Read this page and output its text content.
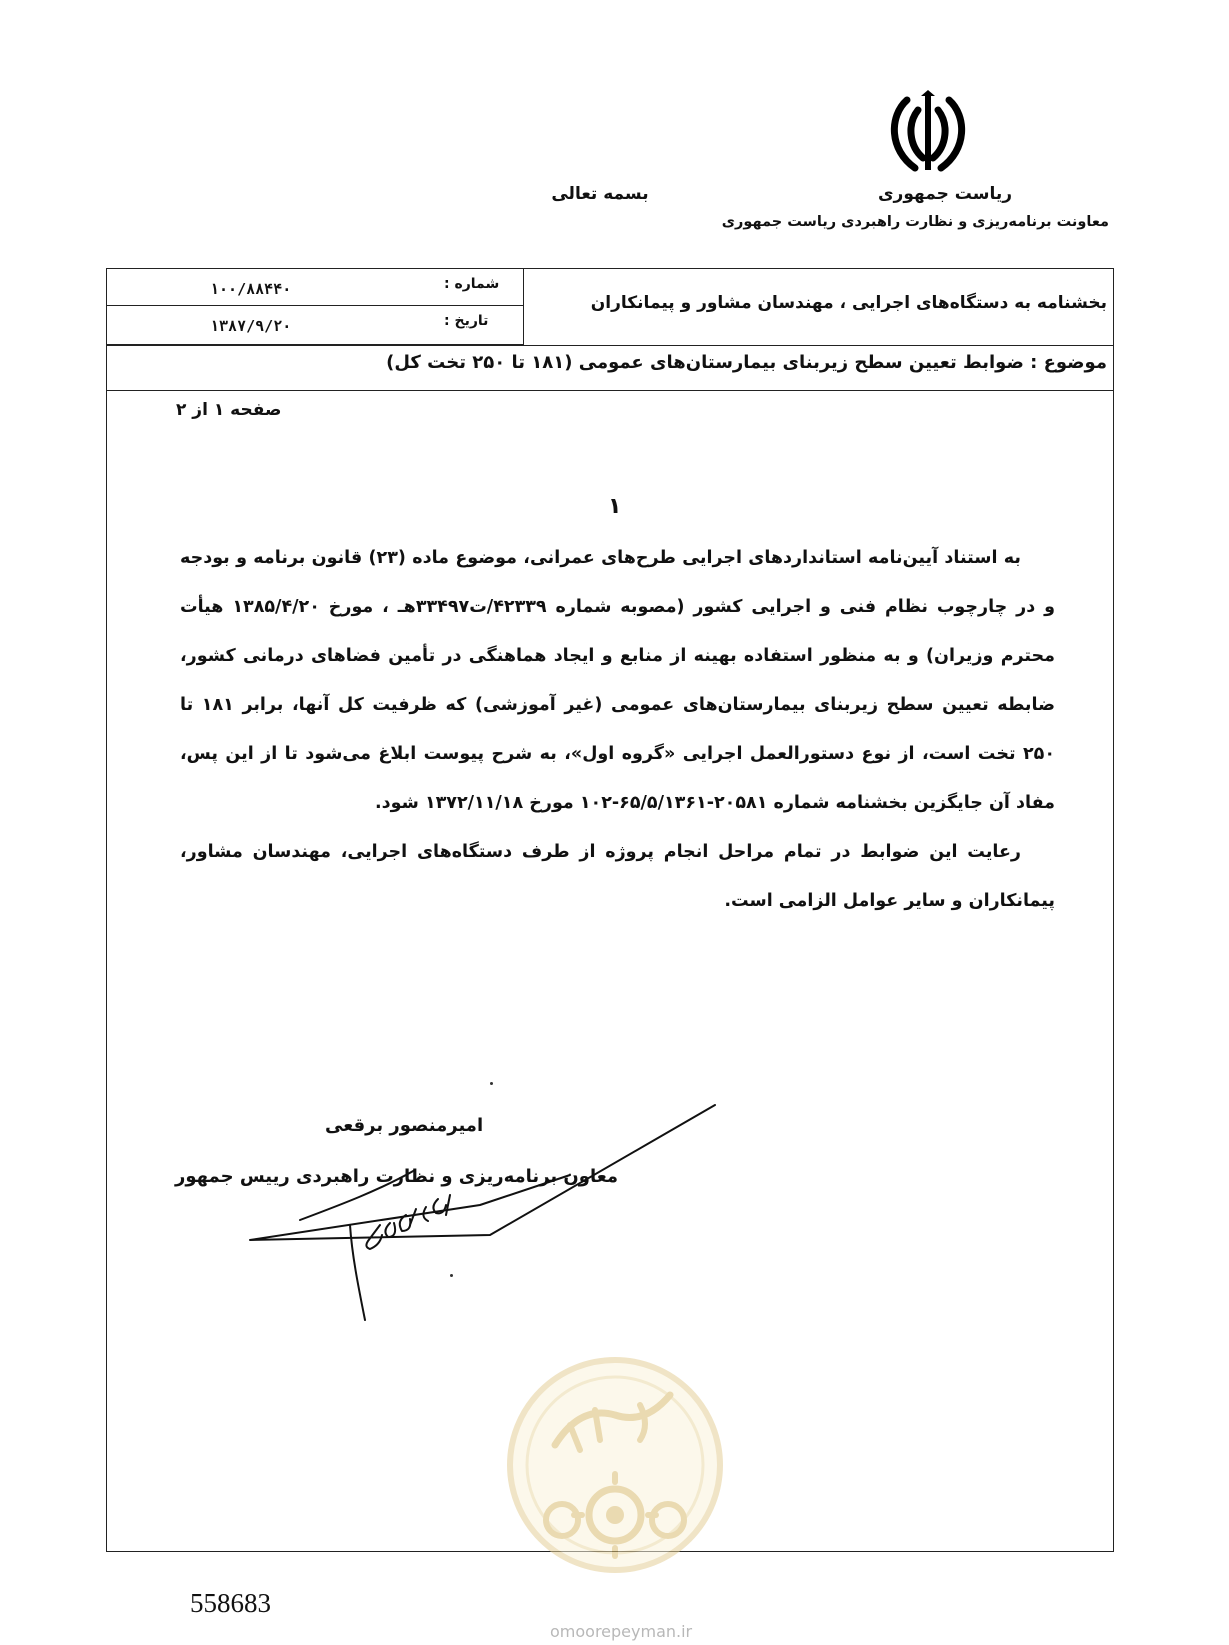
ریاست جمهوری
بسمه تعالی
معاونت برنامه‌ریزی و نظارت راهبردی ریاست جمهوری
شماره :
۱۰۰/۸۸۴۴۰
تاریخ :
۱۳۸۷/۹/۲۰
بخشنامه به دستگاه‌های اجرایی ، مهندسان مشاور و پیمانکاران
موضوع : ضوابط تعیین سطح زیربنای بیمارستان‌های عمومی (۱۸۱ تا ۲۵۰ تخت کل)
صفحه ۱ از ۲
۱

به استناد آیین‌نامه استانداردهای اجرایی طرح‌های عمرانی، موضوع ماده (۲۳) قانون برنامه و بودجه و در چارچوب نظام فنی و اجرایی کشور (مصوبه شماره ۴۲۳۳۹/ت۳۳۴۹۷هـ ، مورخ ۱۳۸۵/۴/۲۰ هیأت محترم وزیران) و به منظور استفاده بهینه از منابع و ایجاد هماهنگی در تأمین فضاهای درمانی کشور، ضابطه تعیین سطح زیربنای بیمارستان‌های عمومی (غیر آموزشی) که ظرفیت کل آنها، برابر ۱۸۱ تا ۲۵۰ تخت است، از نوع دستورالعمل اجرایی «گروه اول»، به شرح پیوست ابلاغ می‌شود تا از این پس، مفاد آن جایگزین بخشنامه شماره ۲۰۵۸۱-۶۵/۵/۱۳۶۱-۱۰۲ مورخ ۱۳۷۲/۱۱/۱۸ شود.

رعایت این ضوابط در تمام مراحل انجام پروژه از طرف دستگاه‌های اجرایی، مهندسان مشاور، پیمانکاران و سایر عوامل الزامی است.

امیرمنصور برقعی
معاون برنامه‌ریزی و نظارت راهبردی رییس جمهور
558683
omoorepeyman.ir
